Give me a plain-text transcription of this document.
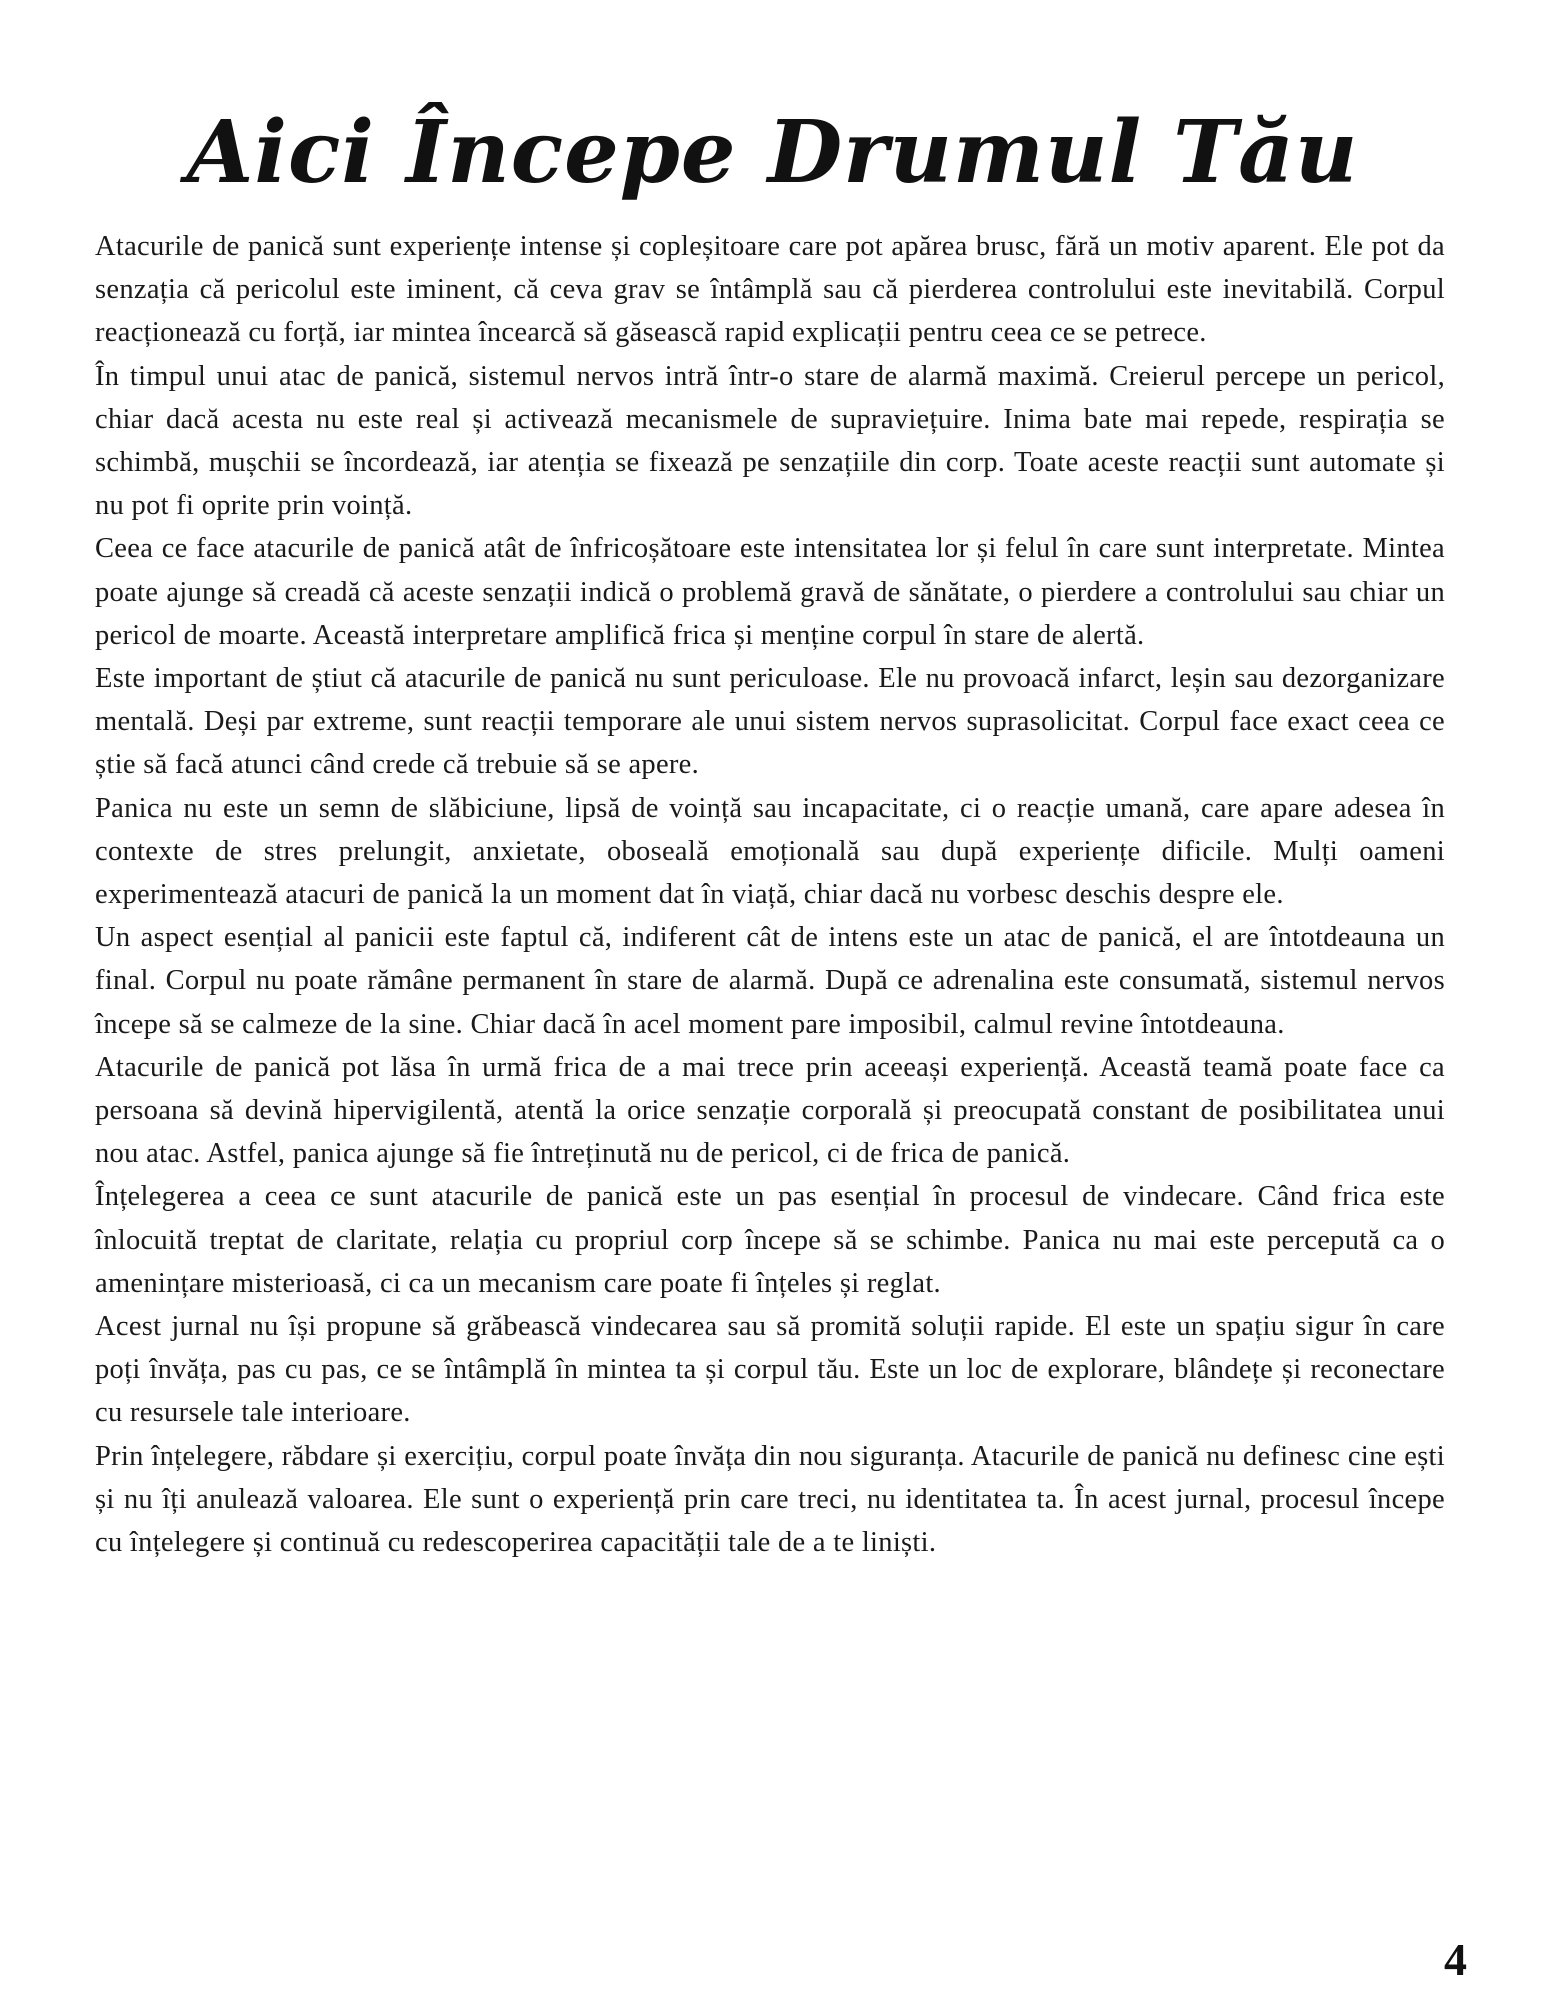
Aici Începe Drumul Tău

Atacurile de panică sunt experiențe intense și copleșitoare care pot apărea brusc, fără un motiv aparent. Ele pot da senzația că pericolul este iminent, că ceva grav se întâmplă sau că pierderea controlului este inevitabilă. Corpul reacționează cu forță, iar mintea încearcă să găsească rapid explicații pentru ceea ce se petrece.

În timpul unui atac de panică, sistemul nervos intră într-o stare de alarmă maximă. Creierul percepe un pericol, chiar dacă acesta nu este real și activează mecanismele de supraviețuire. Inima bate mai repede, respirația se schimbă, mușchii se încordează, iar atenția se fixează pe senzațiile din corp. Toate aceste reacții sunt automate și nu pot fi oprite prin voință.

Ceea ce face atacurile de panică atât de înfricoșătoare este intensitatea lor și felul în care sunt interpretate. Mintea poate ajunge să creadă că aceste senzații indică o problemă gravă de sănătate, o pierdere a controlului sau chiar un pericol de moarte. Această interpretare amplifică frica și menține corpul în stare de alertă.

Este important de știut că atacurile de panică nu sunt periculoase. Ele nu provoacă infarct, leșin sau dezorganizare mentală. Deși par extreme, sunt reacții temporare ale unui sistem nervos suprasolicitat. Corpul face exact ceea ce știe să facă atunci când crede că trebuie să se apere.

Panica nu este un semn de slăbiciune, lipsă de voință sau incapacitate, ci o reacție umană, care apare adesea în contexte de stres prelungit, anxietate, oboseală emoțională sau după experiențe dificile. Mulți oameni experimentează atacuri de panică la un moment dat în viață, chiar dacă nu vorbesc deschis despre ele.

Un aspect esențial al panicii este faptul că, indiferent cât de intens este un atac de panică, el are întotdeauna un final. Corpul nu poate rămâne permanent în stare de alarmă. După ce adrenalina este consumată, sistemul nervos începe să se calmeze de la sine. Chiar dacă în acel moment pare imposibil, calmul revine întotdeauna.

Atacurile de panică pot lăsa în urmă frica de a mai trece prin aceeași experiență. Această teamă poate face ca persoana să devină hipervigilentă, atentă la orice senzație corporală și preocupată constant de posibilitatea unui nou atac. Astfel, panica ajunge să fie întreținută nu de pericol, ci de frica de panică.

Înțelegerea a ceea ce sunt atacurile de panică este un pas esențial în procesul de vindecare. Când frica este înlocuită treptat de claritate, relația cu propriul corp începe să se schimbe. Panica nu mai este percepută ca o amenințare misterioasă, ci ca un mecanism care poate fi înțeles și reglat.

Acest jurnal nu își propune să grăbească vindecarea sau să promită soluții rapide. El este un spațiu sigur în care poți învăța, pas cu pas, ce se întâmplă în mintea ta și corpul tău. Este un loc de explorare, blândețe și reconectare cu resursele tale interioare.

Prin înțelegere, răbdare și exercițiu, corpul poate învăța din nou siguranța. Atacurile de panică nu definesc cine ești și nu îți anulează valoarea. Ele sunt o experiență prin care treci, nu identitatea ta. În acest jurnal, procesul începe cu înțelegere și continuă cu redescoperirea capacității tale de a te liniști.

4
